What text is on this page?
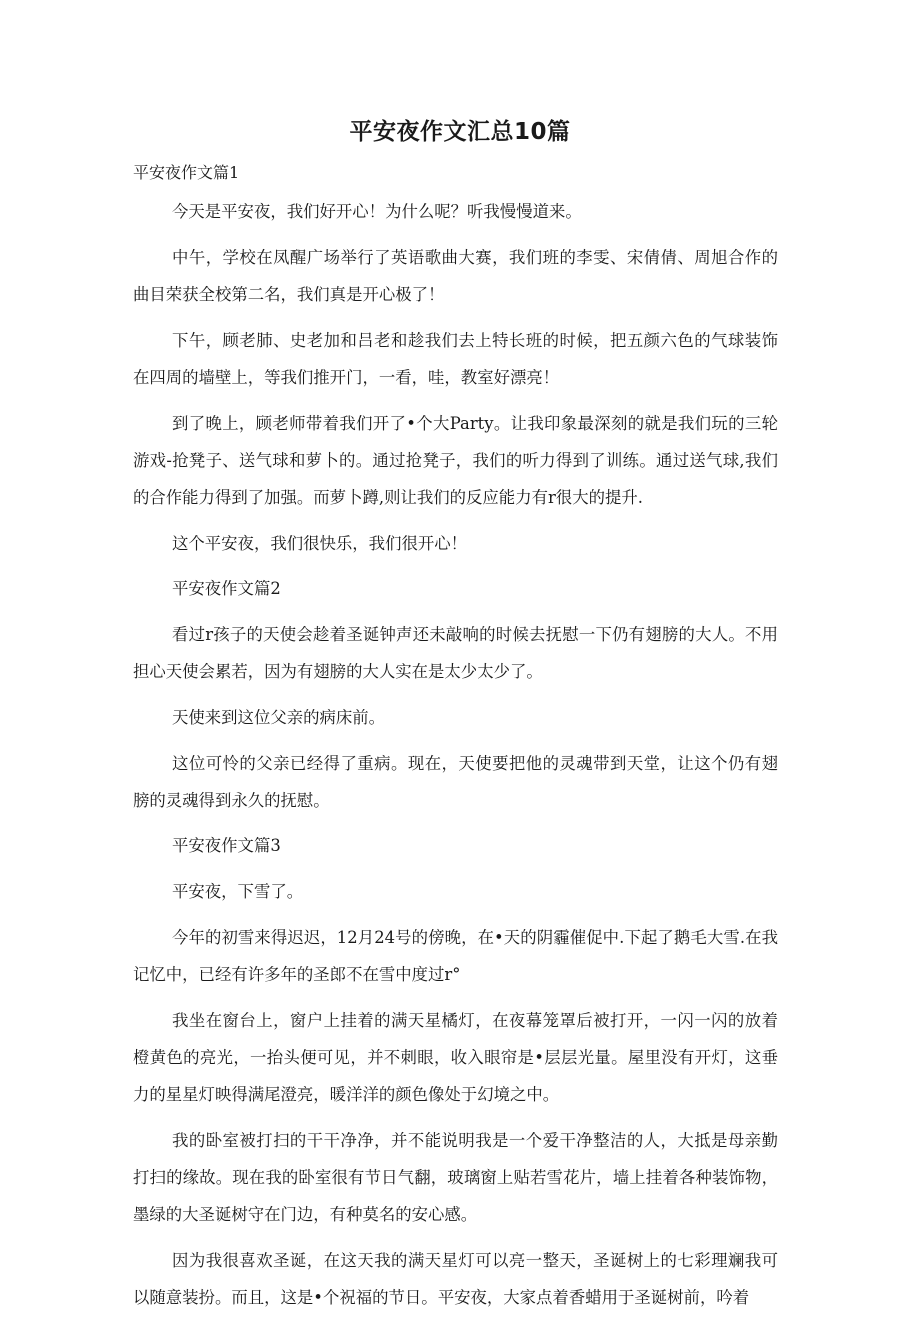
平安夜作文汇总10篇
平安夜作文篇1

今天是平安夜，我们好开心！为什么呢？听我慢慢道来。

中午，学校在凤醒广场举行了英语歌曲大赛，我们班的李雯、宋倩倩、周旭合作的曲目荣获全校第二名，我们真是开心极了！

下午，顾老肺、史老加和吕老和趁我们去上特长班的时候，把五颜六色的气球装饰在四周的墙壁上，等我们推开门，一看，哇，教室好漂亮！

到了晚上，顾老师带着我们开了•个大Party。让我印象最深刻的就是我们玩的三轮游戏-抢凳子、送气球和萝卜的。通过抢凳子，我们的听力得到了训练。通过送气球,我们的合作能力得到了加强。而萝卜蹲,则让我们的反应能力有r很大的提升.

这个平安夜，我们很快乐，我们很开心！

平安夜作文篇2

看过r孩子的天使会趁着圣诞钟声还未敲响的时候去抚慰一下仍有翅膀的大人。不用担心天使会累若，因为有翅膀的大人实在是太少太少了。

天使来到这位父亲的病床前。

这位可怜的父亲已经得了重病。现在，天使要把他的灵魂带到天堂，让这个仍有翅膀的灵魂得到永久的抚慰。

平安夜作文篇3

平安夜，下雪了。

今年的初雪来得迟迟，12月24号的傍晚，在•天的阴霾催促中.下起了鹅毛大雪.在我记忆中，已经有许多年的圣郎不在雪中度过r°

我坐在窗台上，窗户上挂着的满天星橘灯，在夜幕笼罩后被打开，一闪一闪的放着橙黄色的亮光，一抬头便可见，并不刺眼，收入眼帘是•层层光量。屋里没有开灯，这垂力的星星灯映得满尾澄亮，暖洋洋的颜色像处于幻境之中。

我的卧室被打扫的干干净净，并不能说明我是一个爱干净整洁的人，大抵是母亲勤打扫的缘故。现在我的卧室很有节日气翻，玻璃窗上贴若雪花片，墙上挂着各种装饰物，墨绿的大圣诞树守在门边，有种莫名的安心感。

因为我很喜欢圣诞，在这天我的满天星灯可以亮一整天，圣诞树上的七彩理斓我可以随意装扮。而且，这是•个祝福的节日。平安夜，大家点着香蜡用于圣诞树前，吟着
